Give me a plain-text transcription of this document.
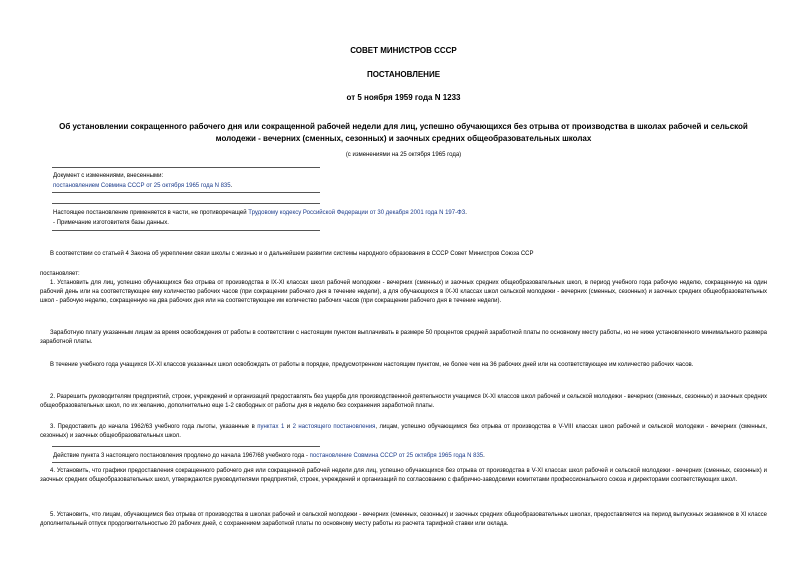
СОВЕТ МИНИСТРОВ СССР
ПОСТАНОВЛЕНИЕ
от 5 ноября 1959 года N 1233
Об установлении сокращенного рабочего дня или сокращенной рабочей недели для лиц, успешно обучающихся без отрыва от производства в школах рабочей и сельской молодежи - вечерних (сменных, сезонных) и заочных средних общеобразовательных школах
(с изменениями на 25 октября 1965 года)
Документ с изменениями, внесенными:
постановлением Совмина СССР от 25 октября 1965 года N 835.
Настоящее постановление применяется в части, не противоречащей Трудовому кодексу Российской Федерации от 30 декабря 2001 года N 197-ФЗ.
- Примечание изготовителя базы данных.
В соответствии со статьей 4 Закона об укреплении связи школы с жизнью и о дальнейшем развитии системы народного образования в СССР Совет Министров Союза ССР
постановляет:
1. Установить для лиц, успешно обучающихся без отрыва от производства в IX-XI классах школ рабочей молодежи - вечерних (сменных) и заочных средних общеобразовательных школ, в период учебного года рабочую неделю, сокращенную на один рабочий день или на соответствующее ему количество рабочих часов (при сокращении рабочего дня в течение недели), а для обучающихся в IX-XI классах школ сельской молодежи - вечерних (сменных, сезонных) и заочных средних общеобразовательных школ - рабочую неделю, сокращенную на два рабочих дня или на соответствующее им количество рабочих часов (при сокращении рабочего дня в течение недели).
Заработную плату указанным лицам за время освобождения от работы в соответствии с настоящим пунктом выплачивать в размере 50 процентов средней заработной платы по основному месту работы, но не ниже установленного минимального размера заработной платы.
В течение учебного года учащихся IX-XI классов указанных школ освобождать от работы в порядке, предусмотренном настоящим пунктом, не более чем на 36 рабочих дней или на соответствующее им количество рабочих часов.
2. Разрешить руководителям предприятий, строек, учреждений и организаций предоставлять без ущерба для производственной деятельности учащимся IX-XI классов школ рабочей и сельской молодежи - вечерних (сменных, сезонных) и заочных средних общеобразовательных школ, по их желанию, дополнительно еще 1-2 свободных от работы дня в неделю без сохранения заработной платы.
3. Предоставить до начала 1962/63 учебного года льготы, указанные в пунктах 1 и 2 настоящего постановления, лицам, успешно обучающимся без отрыва от производства в V-VIII классах школ рабочей и сельской молодежи - вечерних (сменных, сезонных) и заочных общеобразовательных школ.
Действие пункта 3 настоящего постановления продлено до начала 1967/68 учебного года - постановление Совмина СССР от 25 октября 1965 года N 835.
4. Установить, что графики предоставления сокращенного рабочего дня или сокращенной рабочей недели для лиц, успешно обучающихся без отрыва от производства в V-XI классах школ рабочей и сельской молодежи - вечерних (сменных, сезонных) и заочных средних общеобразовательных школ, утверждаются руководителями предприятий, строек, учреждений и организаций по согласованию с фабрично-заводскими комитетами профессионального союза и директорами соответствующих школ.
5. Установить, что лицам, обучающимся без отрыва от производства в школах рабочей и сельской молодежи - вечерних (сменных, сезонных) и заочных средних общеобразовательных школах, предоставляется на период выпускных экзаменов в XI классе дополнительный отпуск продолжительностью 20 рабочих дней, с сохранением заработной платы по основному месту работы из расчета тарифной ставки или оклада.
